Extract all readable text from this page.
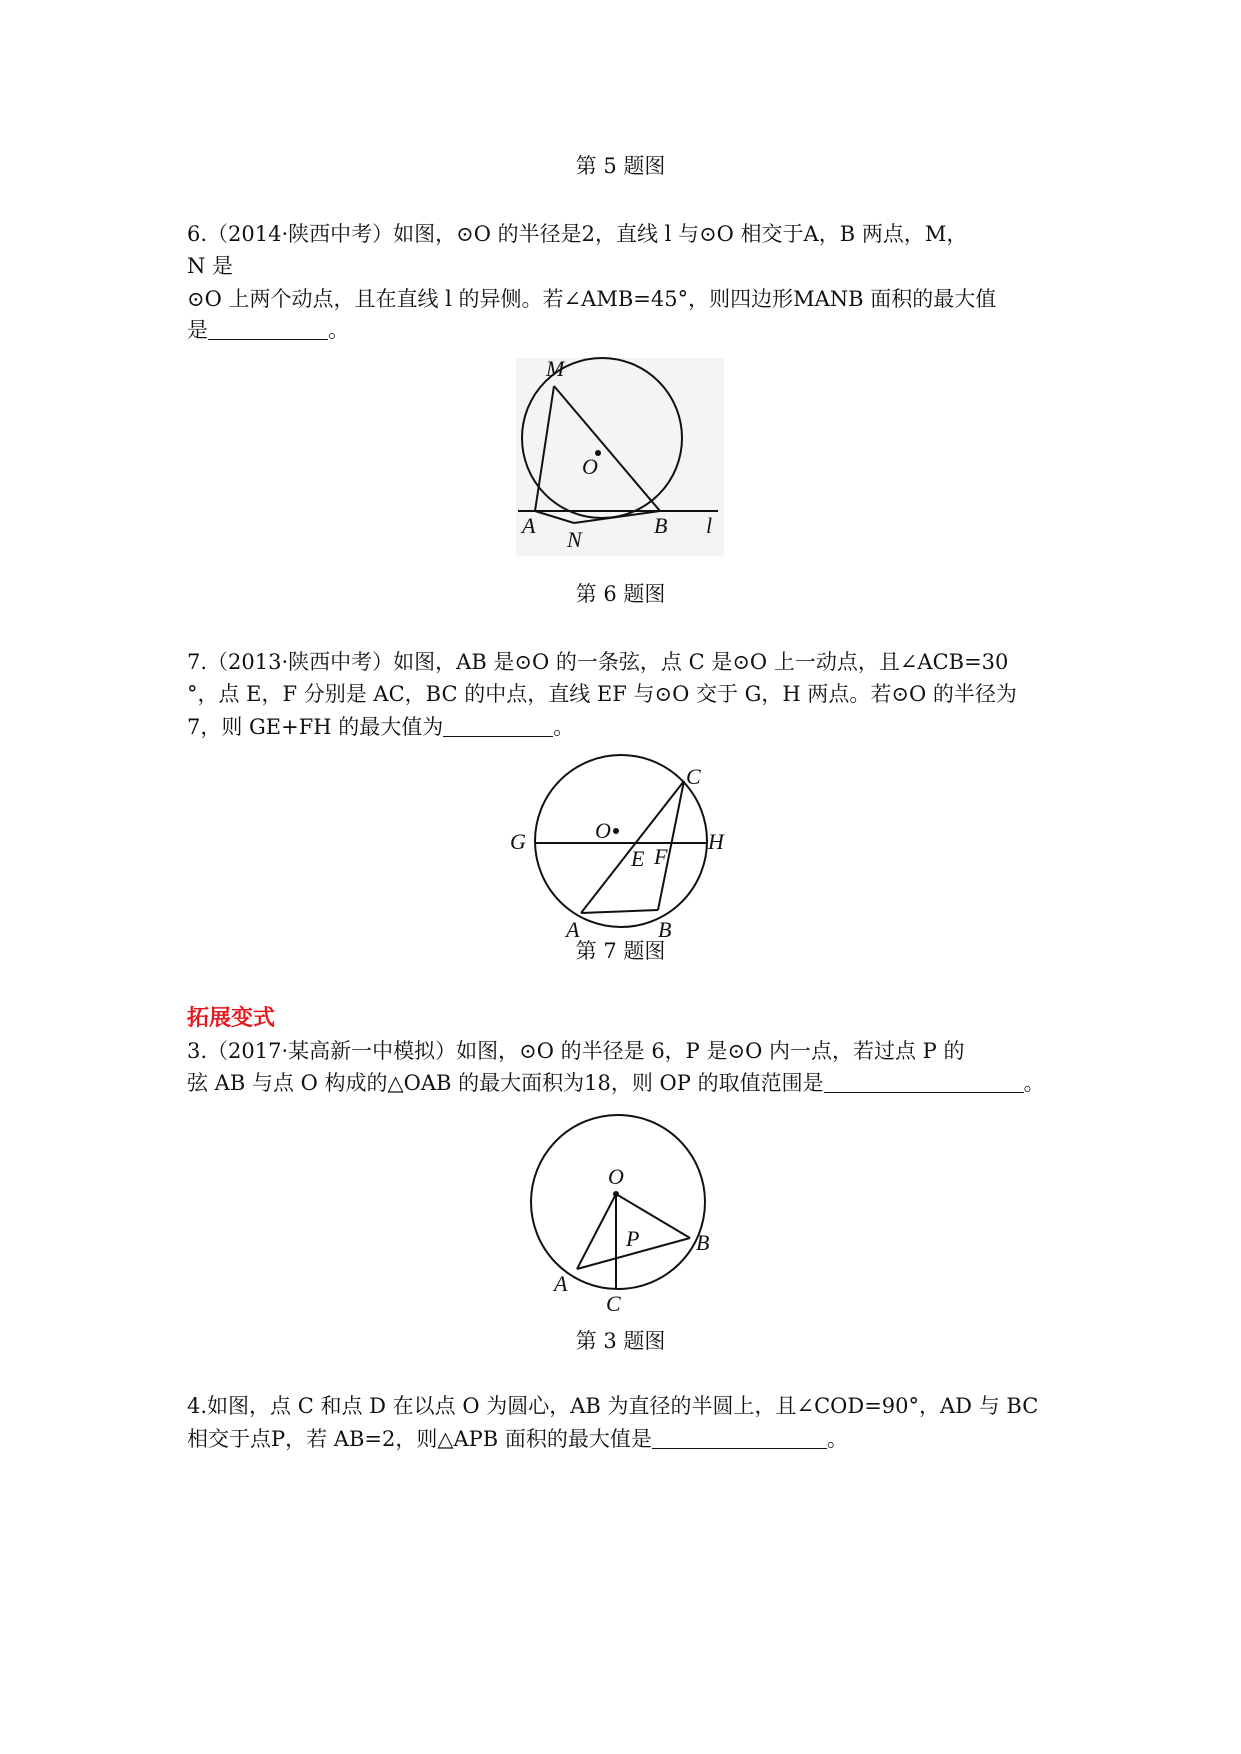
第 5 题图
6.（2014·陕西中考）如图，⊙O 的半径是2，直线 l 与⊙O 相交于A，B 两点，M，
N 是
⊙O 上两个动点，且在直线 l 的异侧。若∠AMB=45°，则四边形MANB 面积的最大值
是	。
M
O
A	B
N
l
第 6 题图
7.（2013·陕西中考）如图，AB 是⊙O 的一条弦，点 C 是⊙O 上一动点，且∠ACB=30
°，点 E，F 分别是 AC，BC 的中点，直线 EF 与⊙O 交于 G，H 两点。若⊙O 的半径为
7，则 GE+FH 的最大值为	。
C
O
G
E F
H
A	B
第 7 题图
拓展变式
3.（2017·某高新一中模拟）如图，⊙O 的半径是 6，P 是⊙O 内一点，若过点 P 的
弦 AB 与点 O 构成的△OAB 的最大面积为18，则 OP 的取值范围是	。
O
P	B
A
C
第 3 题图
4.如图，点 C 和点 D 在以点 O 为圆心，AB 为直径的半圆上，且∠COD=90°，AD 与 BC
相交于点P，若 AB=2，则△APB 面积的最大值是	。
